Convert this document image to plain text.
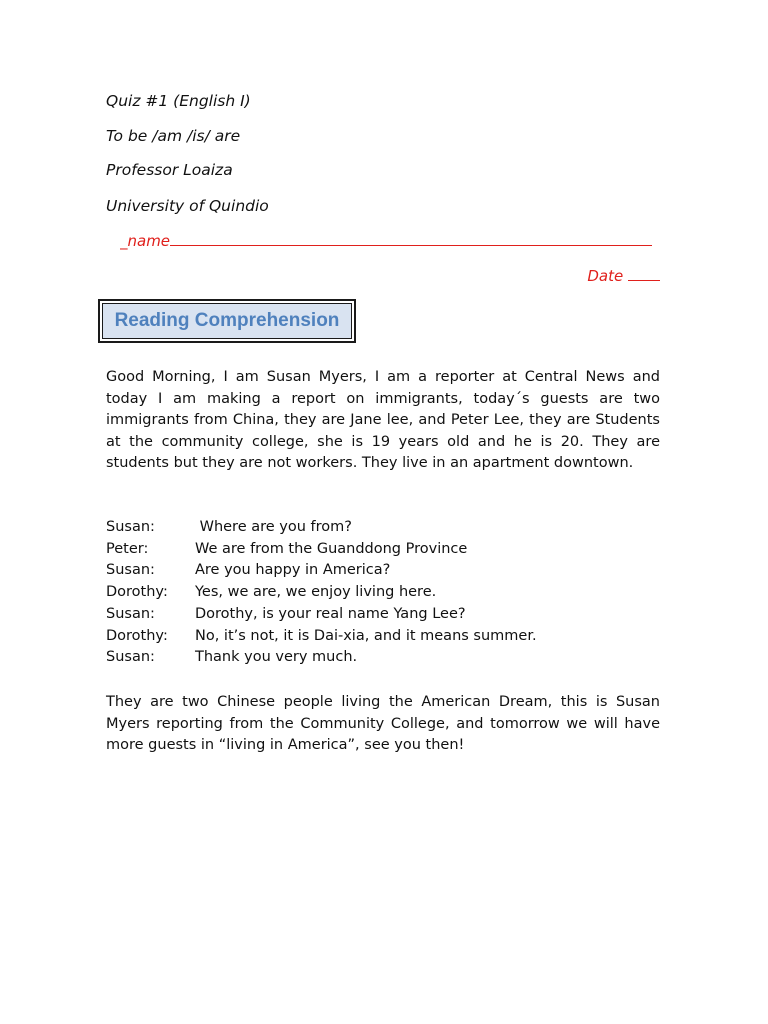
Quiz #1 (English I)
To be /am /is/ are
Professor Loaiza
University of Quindio
_name
Date
Reading Comprehension
Good Morning, I am Susan Myers, I am a reporter at Central News and today I am making a report on immigrants, today´s guests are two immigrants from China, they are Jane lee, and Peter Lee, they are Students at the community college, she is 19 years old and he is 20. They are students but they are not workers. They live in an apartment downtown.
Susan:	Where are you from?
Peter:	We are from the Guanddong Province
Susan:	Are you happy in America?
Dorothy:	Yes, we are, we enjoy living here.
Susan:	Dorothy, is your real name Yang Lee?
Dorothy:	No, it’s not, it is Dai-xia, and it means summer.
Susan:	Thank you very much.
They are two Chinese people living the American Dream, this is Susan Myers reporting from the Community College, and tomorrow we will have more guests in “living in America”, see you then!
